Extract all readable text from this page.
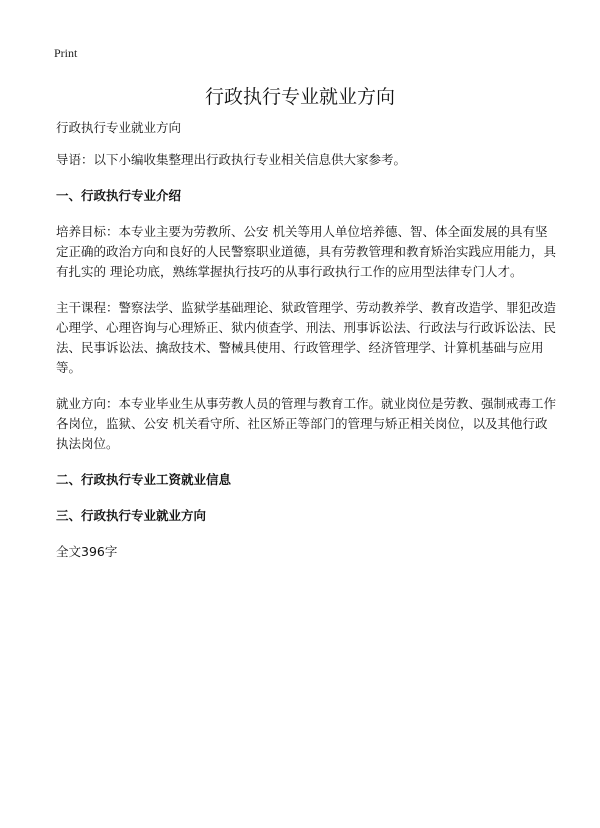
Print
行政执行专业就业方向

行政执行专业就业方向

导语：以下小编收集整理出行政执行专业相关信息供大家参考。

一、行政执行专业介绍

培养目标：本专业主要为劳教所、公安 机关等用人单位培养德、智、体全面发展的具有坚定正确的政治方向和良好的人民警察职业道德，具有劳教管理和教育矫治实践应用能力，具有扎实的 理论功底，熟练掌握执行技巧的从事行政执行工作的应用型法律专门人才。

主干课程：警察法学、监狱学基础理论、狱政管理学、劳动教养学、教育改造学、罪犯改造心理学、心理咨询与心理矫正、狱内侦查学、刑法、刑事诉讼法、行政法与行政诉讼法、民法、民事诉讼法、擒敌技术、警械具使用、行政管理学、经济管理学、计算机基础与应用等。

就业方向：本专业毕业生从事劳教人员的管理与教育工作。就业岗位是劳教、强制戒毒工作各岗位，监狱、公安 机关看守所、社区矫正等部门的管理与矫正相关岗位，以及其他行政执法岗位。

二、行政执行专业工资就业信息
三、行政执行专业就业方向

全文396字
